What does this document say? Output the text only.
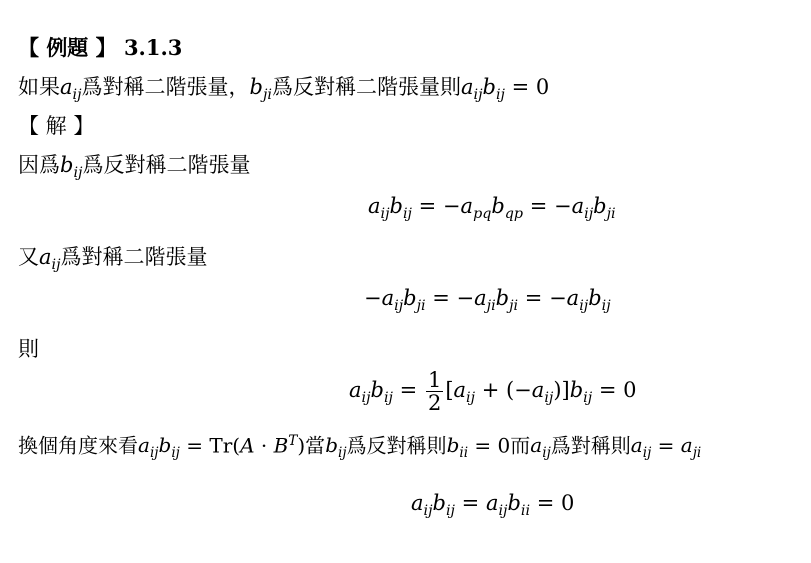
【 例題 】 3.1.3
如果$a_{ij}$爲對稱二階張量，$b_{ji}$爲反對稱二階張量則$a_{ij}b_{ij} = 0$
【 解 】
因爲$b_{ij}$爲反對稱二階張量
$a_{ij}b_{ij} = -a_{pq}b_{qp} = -a_{ij}b_{ji}$
又$a_{ij}$爲對稱二階張量
$-a_{ij}b_{ji} = -a_{ji}b_{ji} = -a_{ij}b_{ij}$
則
$a_{ij}b_{ij} = \frac{1}{2} [a_{ij} + (-a_{ij})]b_{ij} = 0$
換個角度來看$a_{ij}b_{ij} = Tr(A \cdot B^T)$當$b_{ij}$爲反對稱則$b_{ii} = 0$而$a_{ij}$爲對稱則$a_{ij} = a_{ji}$
$a_{ij}b_{ij} = a_{ij}b_{ii} = 0$
